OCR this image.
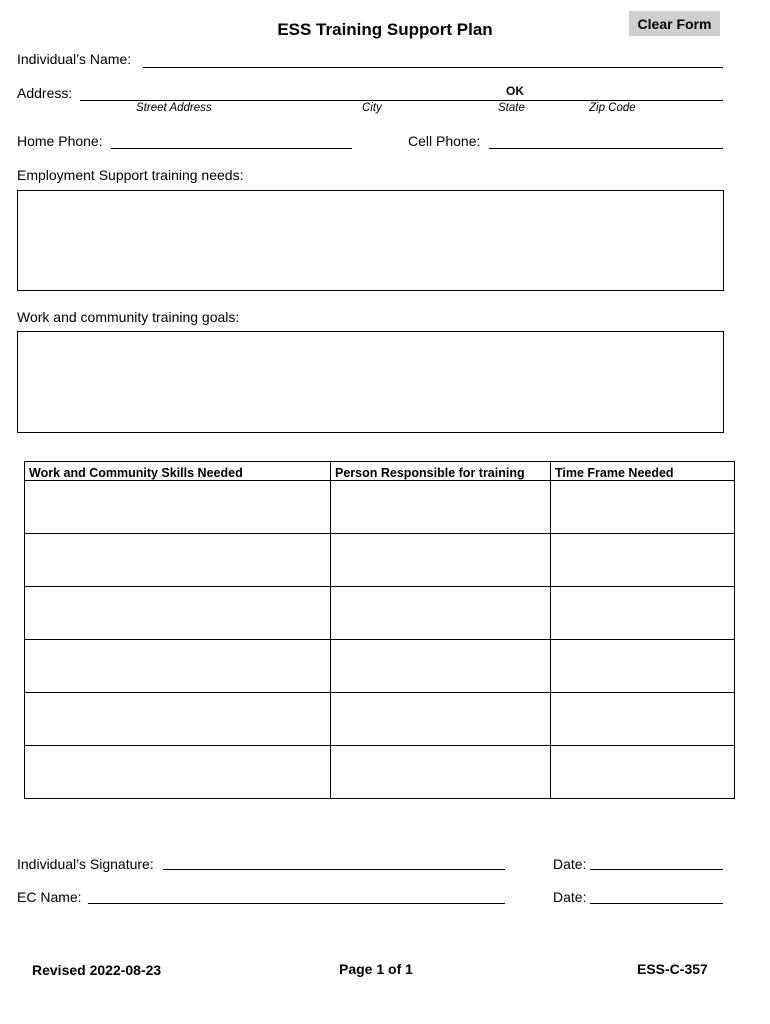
ESS Training Support Plan	Clear Form
Individual’s Name:
Address:	OK
Street Address	City	State	Zip Code
Home Phone:	Cell Phone:
Employment Support training needs:
Work and community training goals:
Work and Community Skills Needed	Person Responsible for training	Time Frame Needed

Individual’s Signature:	Date:
EC Name:	Date:
Revised 2022-08-23	Page 1 of 1	ESS-C-357
